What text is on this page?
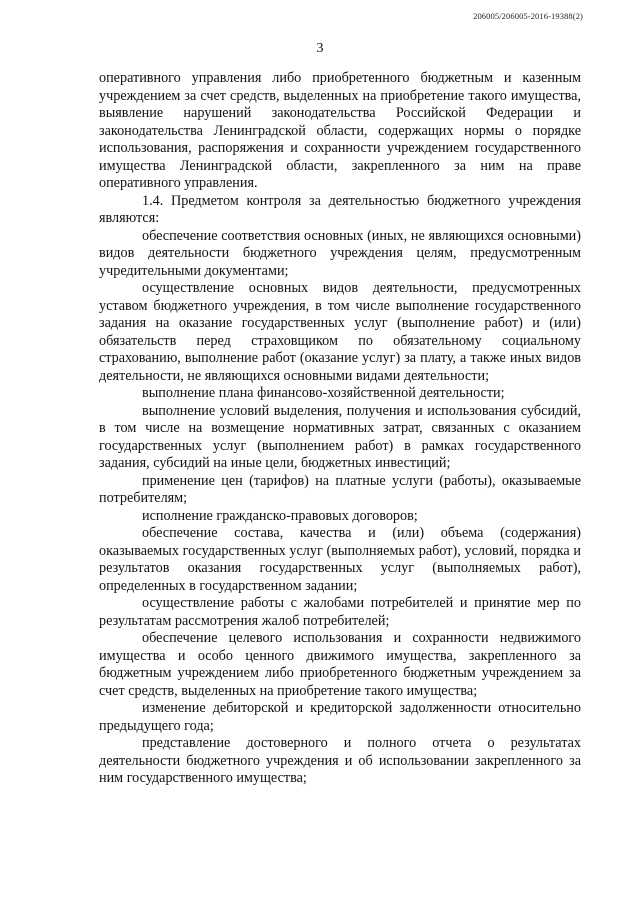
206005/206005-2016-19388(2)
3

оперативного управления либо приобретенного бюджетным и казенным учреждением за счет средств, выделенных на приобретение такого имущества, выявление нарушений законодательства Российской Федерации и законодательства Ленинградской области, содержащих нормы о порядке использования, распоряжения и сохранности учреждением государственного имущества Ленинградской области, закрепленного за ним на праве оперативного управления.

1.4. Предметом контроля за деятельностью бюджетного учреждения являются:

обеспечение соответствия основных (иных, не являющихся основными) видов деятельности бюджетного учреждения целям, предусмотренным учредительными документами;

осуществление основных видов деятельности, предусмотренных уставом бюджетного учреждения, в том числе выполнение государственного задания на оказание государственных услуг (выполнение работ) и (или) обязательств перед страховщиком по обязательному социальному страхованию, выполнение работ (оказание услуг) за плату, а также иных видов деятельности, не являющихся основными видами деятельности;

выполнение плана финансово-хозяйственной деятельности;

выполнение условий выделения, получения и использования субсидий, в том числе на возмещение нормативных затрат, связанных с оказанием государственных услуг (выполнением работ) в рамках государственного задания, субсидий на иные цели, бюджетных инвестиций;

применение цен (тарифов) на платные услуги (работы), оказываемые потребителям;

исполнение гражданско-правовых договоров;

обеспечение состава, качества и (или) объема (содержания) оказываемых государственных услуг (выполняемых работ), условий, порядка и результатов оказания государственных услуг (выполняемых работ), определенных в государственном задании;

осуществление работы с жалобами потребителей и принятие мер по результатам рассмотрения жалоб потребителей;

обеспечение целевого использования и сохранности недвижимого имущества и особо ценного движимого имущества, закрепленного за бюджетным учреждением либо приобретенного бюджетным учреждением за счет средств, выделенных на приобретение такого имущества;

изменение дебиторской и кредиторской задолженности относительно предыдущего года;

представление достоверного и полного отчета о результатах деятельности бюджетного учреждения и об использовании закрепленного за ним государственного имущества;
